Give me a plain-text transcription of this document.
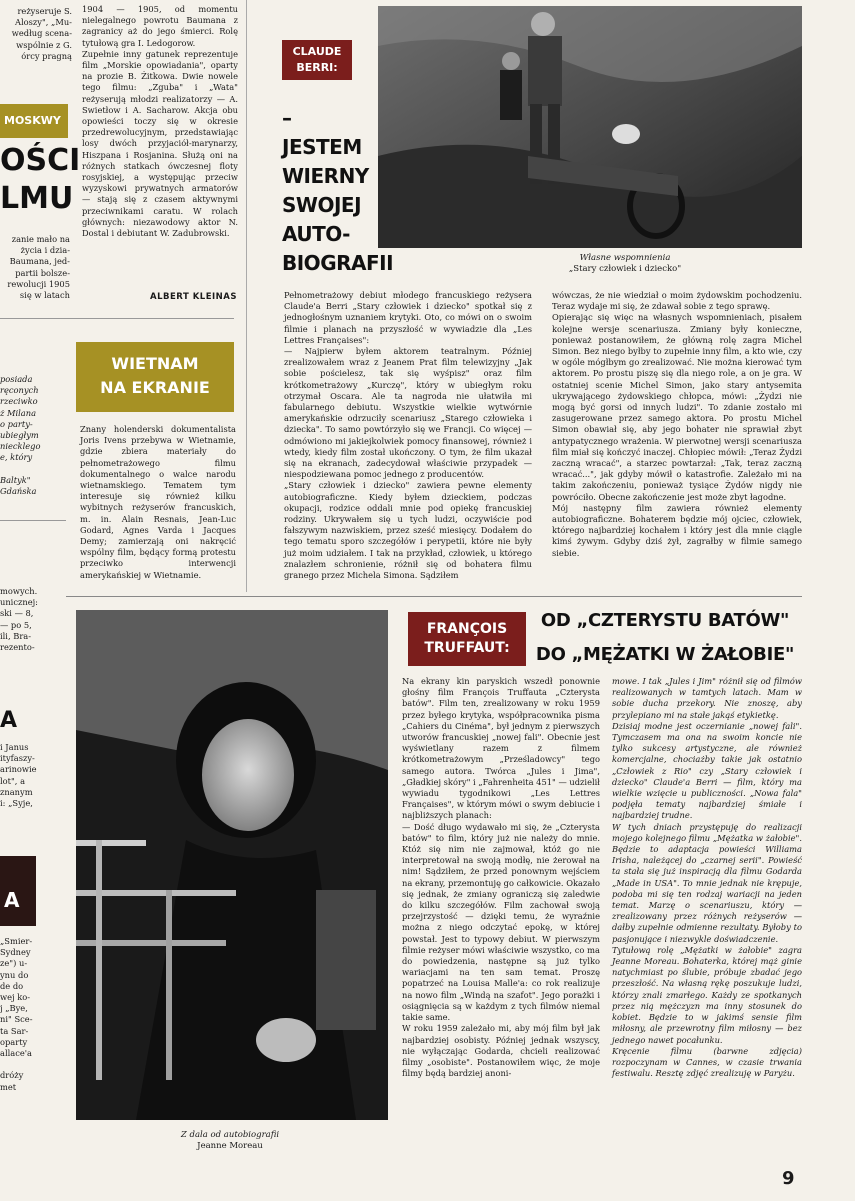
reżyseruje S.
Aloszy", „Mu-
według scena-
wspólnie z G.
órcy pragną
MOSKWY
OŚCI
LMU
zanie mało na
życia i dzia-
Baumana, jed-
partii bolsze-
rewolucji 1905
się w latach
posiada
ręconych
rzeciwko
ż Milana
o party-
ubiegłym
niecklego
e, który

Baltyk"
Gdańska
mowych.
unicznej:
ski — 8,
— po 5,
ili, Bra-
rezento-
A
i Janus
ityfaszy-
arinowie
lot", a
znanym
i: „Syje,
A
„Smier-
Sydney
ze") u-
ynu do
de do
wej ko-
j „Bye,
ni" Sce-
ta Sar-
oparty
allace'a

dróży
met
1904 — 1905, od momentu nielegalnego powrotu Baumana z zagranicy aż do jego śmierci. Rolę tytułową gra I. Ledogorow.
Zupełnie inny gatunek reprezentuje film „Morskie opowiadania", oparty na prozie B. Żitkowa. Dwie nowele tego filmu: „Zguba" i „Wata" reżyserują młodzi realizatorzy — A. Swietłow i A. Sacharow. Akcja obu opowieści toczy się w okresie przedrewolucyjnym, przedstawiając losy dwóch przyjaciół-marynarzy, Hiszpana i Rosjanina. Służą oni na różnych statkach ówczesnej floty rosyjskiej, a występując przeciw wyzyskowi prywatnych armatorów — stają się z czasem aktywnymi przeciwnikami caratu. W rolach głównych: niezawodowy aktor N. Dostal i debiutant W. Zadubrowski.
ALBERT KLEINAS
WIETNAM
NA EKRANIE
Znany holenderski dokumentalista Joris Ivens przebywa w Wietnamie, gdzie zbiera materiały do pełnometrażowego filmu dokumentalnego o walce narodu wietnamskiego. Tematem tym interesuje się również kilku wybitnych reżyserów francuskich, m. in. Alain Resnais, Jean-Luc Godard, Agnes Varda i Jacques Demy; zamierzają oni nakręcić wspólny film, będący formą protestu przeciwko interwencji amerykańskiej w Wietnamie.
CLAUDE
BERRI:
– JESTEM
WIERNY
SWOJEJ
AUTO-
BIOGRAFII	Własne wspomnienia
„Stary człowiek i dziecko"
Pełnometrażowy debiut młodego francuskiego reżysera Claude'a Berri „Stary człowiek i dziecko" spotkał się z jednogłośnym uznaniem krytyki. Oto, co mówi on o swoim filmie i planach na przyszłość w wywiadzie dla „Les Lettres Françaises":
— Najpierw byłem aktorem teatralnym. Później zrealizowałem wraz z Jeanem Prat film telewizyjny „Jak sobie pościelesz, tak się wyśpisz" oraz film krótkometrażowy „Kurczę", który w ubiegłym roku otrzymał Oscara. Ale ta nagroda nie ułatwiła mi fabularnego debiutu. Wszystkie wielkie wytwórnie amerykańskie odrzuciły scenariusz „Starego człowieka i dziecka". To samo powtórzyło się we Francji. Co więcej — odmówiono mi jakiejkolwiek pomocy finansowej, również i wtedy, kiedy film został ukończony. O tym, że film ukazał się na ekranach, zadecydował właściwie przypadek — niespodziewana pomoc jednego z producentów.
„Stary człowiek i dziecko" zawiera pewne elementy autobiograficzne. Kiedy byłem dzieckiem, podczas okupacji, rodzice oddali mnie pod opiekę francuskiej rodziny. Ukrywałem się u tych ludzi, oczywiście pod fałszywym nazwiskiem, przez sześć miesięcy. Dodałem do tego tematu sporo szczegółów i perypetii, które nie były już moim udziałem. I tak na przykład, człowiek, u którego znalazłem schronienie, różnił się od bohatera filmu granego przez Michela Simona. Sądziłem
wówczas, że nie wiedział o moim żydowskim pochodzeniu. Teraz wydaje mi się, że zdawał sobie z tego sprawę.
Opierając się więc na własnych wspomnieniach, pisałem kolejne wersje scenariusza. Zmiany były konieczne, ponieważ postanowiłem, że główną rolę zagra Michel Simon. Bez niego byłby to zupełnie inny film, a kto wie, czy w ogóle mógłbym go zrealizować. Nie można kierować tym aktorem. Po prostu piszę się dla niego role, a on je gra. W ostatniej scenie Michel Simon, jako stary antysemita ukrywającego żydowskiego chłopca, mówi: „Żydzi nie mogą być gorsi od innych ludzi". To zdanie zostało mi zasugerowane przez samego aktora. Po prostu Michel Simon obawiał się, aby jego bohater nie sprawiał zbyt antypatycznego wrażenia. W pierwotnej wersji scenariusza film miał się kończyć inaczej. Chłopiec mówił: „Teraz Żydzi zaczną wracać", a starzec powtarzał: „Tak, teraz zaczną wracać...", jak gdyby mówił o katastrofie. Zależało mi na takim zakończeniu, ponieważ tysiące Żydów nigdy nie powróciło. Obecne zakończenie jest może zbyt łagodne.
Mój następny film zawiera również elementy autobiograficzne. Bohaterem będzie mój ojciec, człowiek, którego najbardziej kochałem i który jest dla mnie ciągle kimś żywym. Gdyby dziś żył, zagrałby w filmie samego siebie.
Z dala od autobiografii
Jeanne Moreau
FRANÇOIS
TRUFFAUT:
OD „CZTERYSTU BATÓW"
DO „MĘŻATKI W ŻAŁOBIE"
Na ekrany kin paryskich wszedł ponownie głośny film François Truffauta „Czterysta batów". Film ten, zrealizowany w roku 1959 przez byłego krytyka, współpracownika pisma „Cahiers du Cinéma", był jednym z pierwszych utworów francuskiej „nowej fali". Obecnie jest wyświetlany razem z filmem krótkometrażowym „Prześladowcy" tego samego autora. Twórca „Jules i Jima", „Gładkiej skóry" i „Fahrenheita 451" — udzielił wywiadu tygodnikowi „Les Lettres Françaises", w którym mówi o swym debiucie i najbliższych planach:
— Dość długo wydawało mi się, że „Czterysta batów" to film, który już nie należy do mnie. Któż się nim nie zajmował, któż go nie interpretował na swoją modłę, nie żerował na nim! Sądziłem, że przed ponownym wejściem na ekrany, przemontuję go całkowicie. Okazało się jednak, że zmiany ograniczą się zaledwie do kilku szczegółów. Film zachował swoją przejrzystość — dzięki temu, że wyraźnie można z niego odczytać epokę, w której powstał. Jest to typowy debiut. W pierwszym filmie reżyser mówi właściwie wszystko, co ma do powiedzenia, następne są już tylko wariacjami na ten sam temat. Proszę popatrzeć na Louisa Malle'a: co rok realizuje na nowo film „Windą na szafot". Jego porażki i osiągnięcia są w każdym z tych filmów niemal takie same.
W roku 1959 zależało mi, aby mój film był jak najbardziej osobisty. Później jednak wszyscy, nie wyłączając Godarda, chcieli realizować filmy „osobiste". Postanowiłem więc, że moje filmy będą bardziej anoni-
mowe. I tak „Jules i Jim" różnił się od filmów realizowanych w tamtych latach. Mam w sobie ducha przekory. Nie znoszę, aby przylepiano mi na stałe jakąś etykietkę.
Dzisiaj modne jest oczernianie „nowej fali". Tymczasem ma ona na swoim koncie nie tylko sukcesy artystyczne, ale również komercjalne, chociażby takie jak ostatnio „Człowiek z Rio" czy „Stary człowiek i dziecko" Claude'a Berri — film, który ma wielkie wzięcie u publiczności. „Nowa fala" podjęła tematy najbardziej śmiałe i najbardziej trudne.
W tych dniach przystępuję do realizacji mojego kolejnego filmu „Mężatka w żałobie". Będzie to adaptacja powieści Williama Irisha, należącej do „czarnej serii". Powieść ta stała się już inspiracją dla filmu Godarda „Made in USA". To mnie jednak nie krępuje, podoba mi się ten rodzaj wariacji na jeden temat. Marzę o scenariuszu, który — zrealizowany przez różnych reżyserów — dałby zupełnie odmienne rezultaty. Byłoby to pasjonujące i niezwykle doświadczenie.
Tytułową rolę „Mężatki w żałobie" zagra Jeanne Moreau. Bohaterka, której mąż ginie natychmiast po ślubie, próbuje zbadać jego przeszłość. Na własną rękę poszukuje ludzi, którzy znali zmarłego. Każdy ze spotkanych przez nią mężczyzn ma inny stosunek do kobiet. Będzie to w jakimś sensie film miłosny, ale przewrotny film miłosny — bez jednego nawet pocałunku.
Kręcenie filmu (barwne zdjęcia) rozpoczynam w Cannes, w czasie trwania festiwalu. Resztę zdjęć zrealizuję w Paryżu.
9
